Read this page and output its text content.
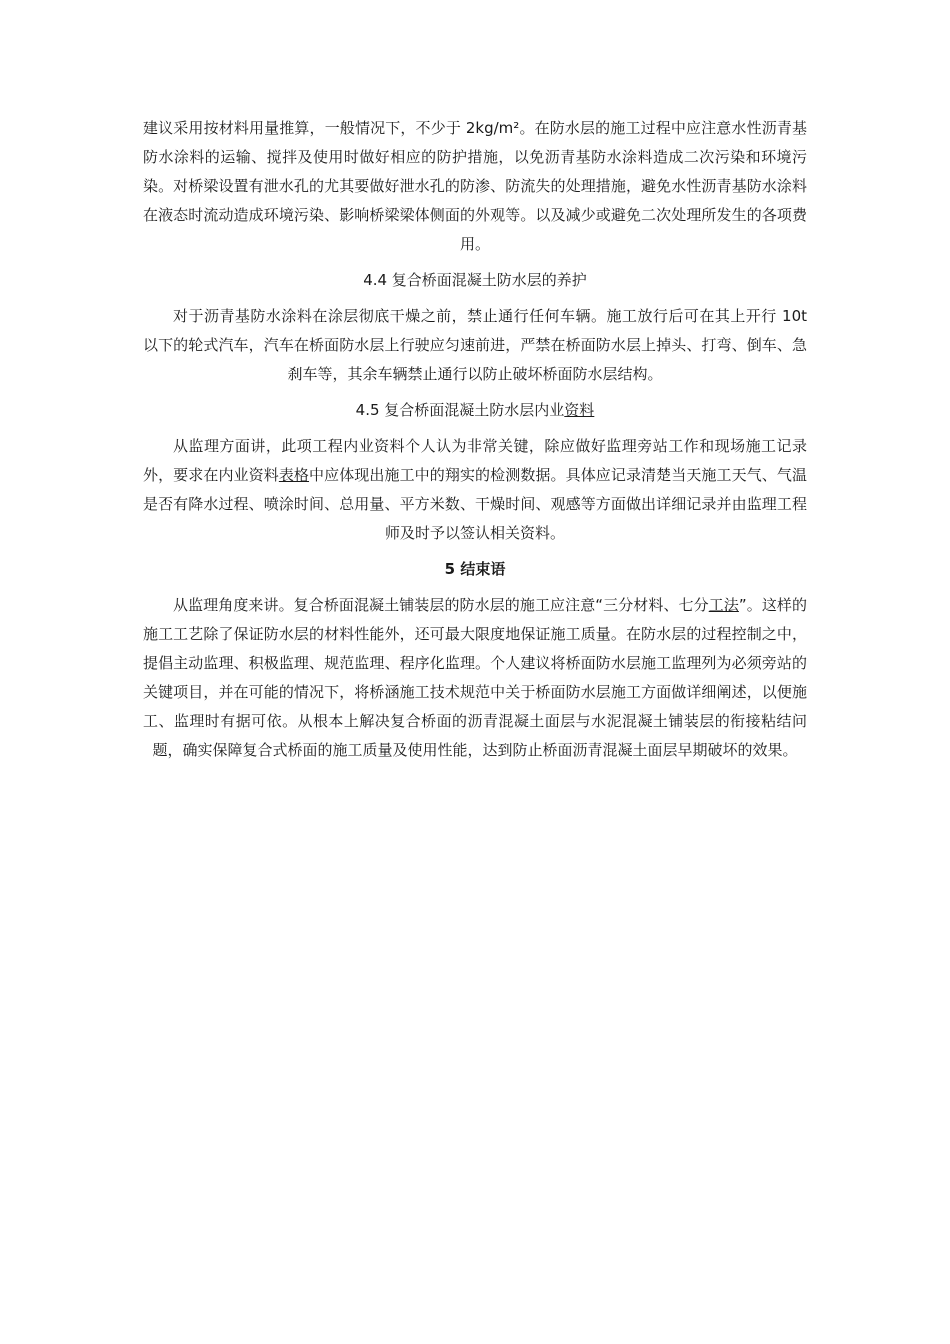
建议采用按材料用量推算，一般情况下，不少于 2kg/m²。在防水层的施工过程中应注意水性沥青基防水涂料的运输、搅拌及使用时做好相应的防护措施，以免沥青基防水涂料造成二次污染和环境污染。对桥梁设置有泄水孔的尤其要做好泄水孔的防渗、防流失的处理措施，避免水性沥青基防水涂料在液态时流动造成环境污染、影响桥梁梁体侧面的外观等。以及减少或避免二次处理所发生的各项费用。

4.4 复合桥面混凝土防水层的养护

对于沥青基防水涂料在涂层彻底干燥之前，禁止通行任何车辆。施工放行后可在其上开行 10t 以下的轮式汽车，汽车在桥面防水层上行驶应匀速前进，严禁在桥面防水层上掉头、打弯、倒车、急刹车等，其余车辆禁止通行以防止破坏桥面防水层结构。

4.5 复合桥面混凝土防水层内业资料

从监理方面讲，此项工程内业资料个人认为非常关键，除应做好监理旁站工作和现场施工记录外，要求在内业资料表格中应体现出施工中的翔实的检测数据。具体应记录清楚当天施工天气、气温是否有降水过程、喷涂时间、总用量、平方米数、干燥时间、观感等方面做出详细记录并由监理工程师及时予以签认相关资料。

5 结束语

从监理角度来讲。复合桥面混凝土铺装层的防水层的施工应注意“三分材料、七分工法”。这样的施工工艺除了保证防水层的材料性能外，还可最大限度地保证施工质量。在防水层的过程控制之中，提倡主动监理、积极监理、规范监理、程序化监理。个人建议将桥面防水层施工监理列为必须旁站的关键项目，并在可能的情况下，将桥涵施工技术规范中关于桥面防水层施工方面做详细阐述，以便施工、监理时有据可依。从根本上解决复合桥面的沥青混凝土面层与水泥混凝土铺装层的衔接粘结问题，确实保障复合式桥面的施工质量及使用性能，达到防止桥面沥青混凝土面层早期破坏的效果。
